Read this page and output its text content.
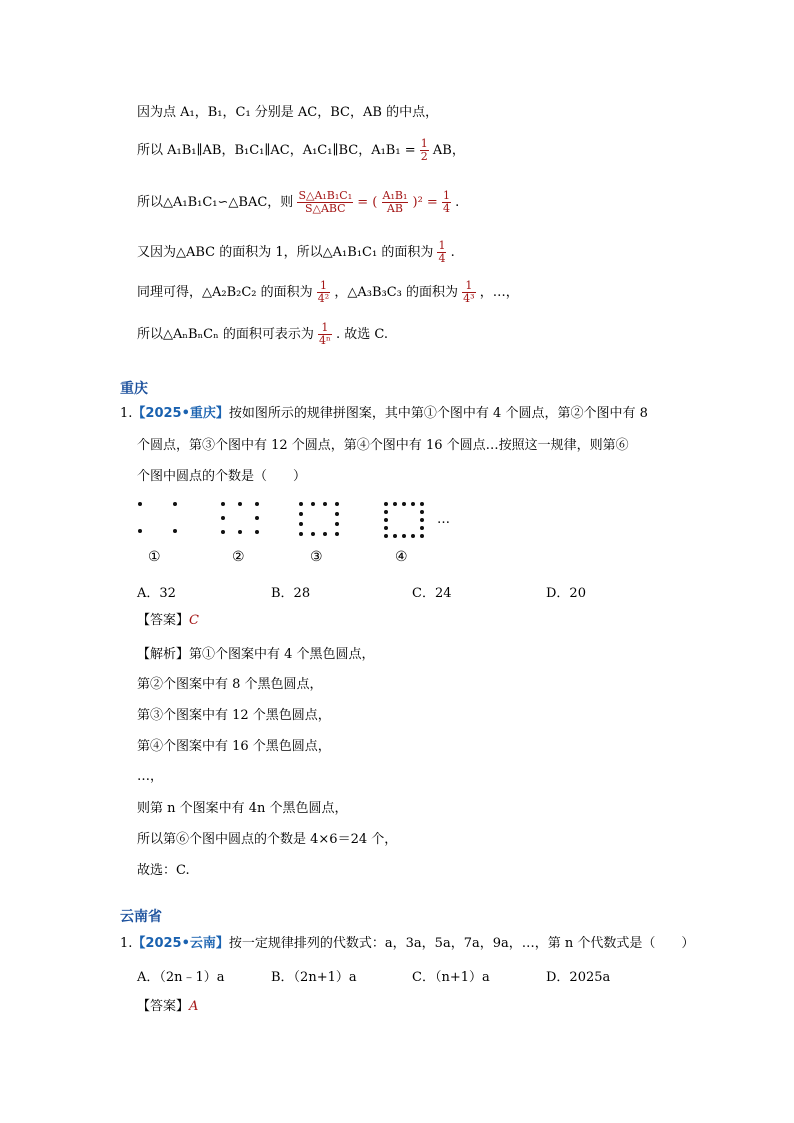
因为点 A₁，B₁，C₁ 分别是 AC，BC，AB 的中点，
所以 A₁B₁∥AB，B₁C₁∥AC，A₁C₁∥BC，$A_1B_1 = \frac{1}{2}$ AB，
所以△A₁B₁C₁∽△BAC，则 $\frac{\text{S△A₁B₁C₁}}{\text{S△ABC}}$ = ( $\frac{\text{A₁B₁}}{AB} )^2 = \frac{1}{4}$ .
又因为△ABC 的面积为 1，所以△A₁B₁C₁ 的面积为 $\frac{1}{4}$ .
同理可得，△A₂B₂C₂ 的面积为 $\frac{1}{\text{4²}}$ ，△A₃B₃C₃ 的面积为 $\frac{1}{\text{4³}}$ ，…，
所以△AₙBₙCₙ 的面积可表示为 $\frac{1}{\text{4ⁿ}}$ . 故选 C.
重庆
1.【2025•重庆】按如图所示的规律拼图案，其中第①个图中有 4 个圆点，第②个图中有 8
个圆点，第③个图中有 12 个圆点，第④个图中有 16 个圆点…按照这一规律，则第⑥
个图中圆点的个数是（　　）
…
①	②	③	④
A．32	B．28	C．24	D．20
【答案】C
【解析】第①个图案中有 4 个黑色圆点，
第②个图案中有 8 个黑色圆点，
第③个图案中有 12 个黑色圆点，
第④个图案中有 16 个黑色圆点，
…，
则第 n 个图案中有 4n 个黑色圆点，
所以第⑥个图中圆点的个数是 4×6＝24 个，
故选：C.
云南省
1.【2025•云南】按一定规律排列的代数式：a，3a，5a，7a，9a，…，第 n 个代数式是（　　）
A．（2n﹣1）a	B．（2n+1）a	C．（n+1）a	D．2025a
【答案】A
